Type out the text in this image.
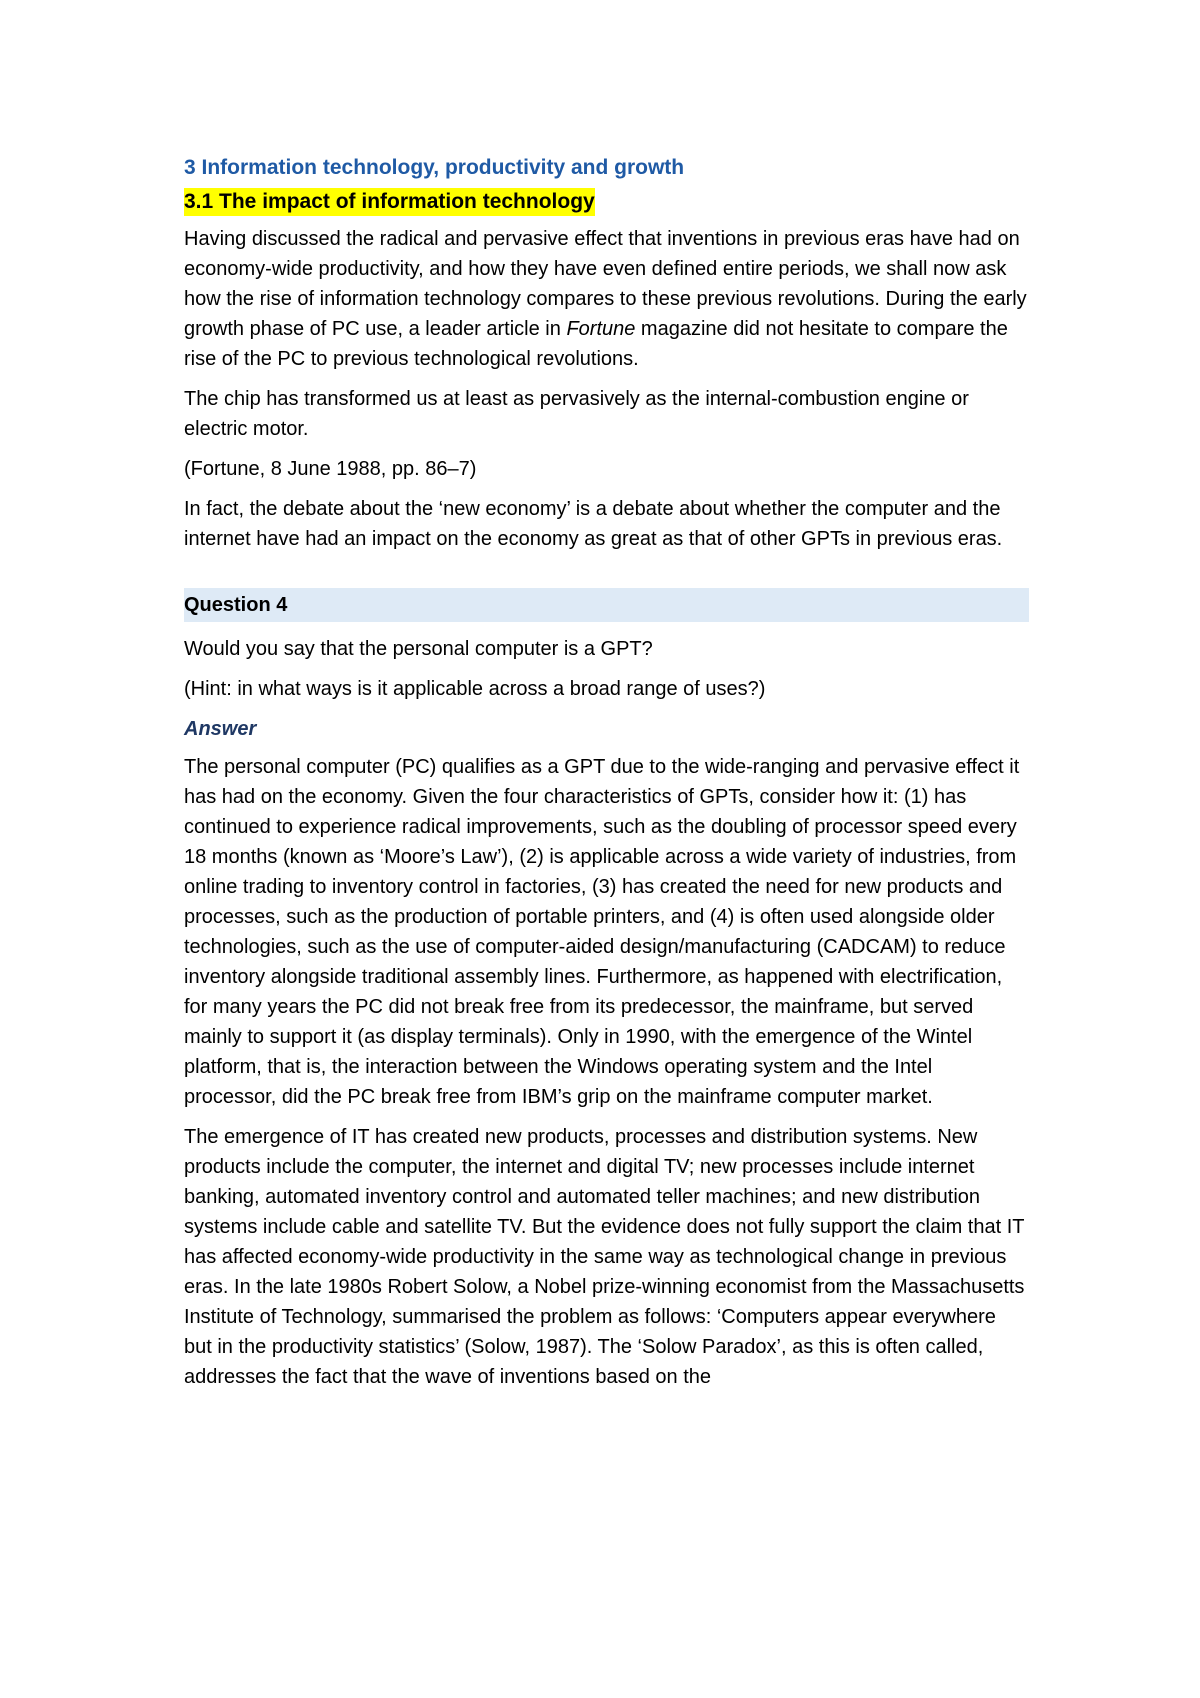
3 Information technology, productivity and growth
3.1 The impact of information technology

Having discussed the radical and pervasive effect that inventions in previous eras have had on economy-wide productivity, and how they have even defined entire periods, we shall now ask how the rise of information technology compares to these previous revolutions. During the early growth phase of PC use, a leader article in Fortune magazine did not hesitate to compare the rise of the PC to previous technological revolutions.

The chip has transformed us at least as pervasively as the internal-combustion engine or electric motor.

(Fortune, 8 June 1988, pp. 86–7)

In fact, the debate about the ‘new economy’ is a debate about whether the computer and the internet have had an impact on the economy as great as that of other GPTs in previous eras.

Question 4

Would you say that the personal computer is a GPT?

(Hint: in what ways is it applicable across a broad range of uses?)

Answer

The personal computer (PC) qualifies as a GPT due to the wide-ranging and pervasive effect it has had on the economy. Given the four characteristics of GPTs, consider how it: (1) has continued to experience radical improvements, such as the doubling of processor speed every 18 months (known as ‘Moore’s Law’), (2) is applicable across a wide variety of industries, from online trading to inventory control in factories, (3) has created the need for new products and processes, such as the production of portable printers, and (4) is often used alongside older technologies, such as the use of computer-aided design/manufacturing (CADCAM) to reduce inventory alongside traditional assembly lines. Furthermore, as happened with electrification, for many years the PC did not break free from its predecessor, the mainframe, but served mainly to support it (as display terminals). Only in 1990, with the emergence of the Wintel platform, that is, the interaction between the Windows operating system and the Intel processor, did the PC break free from IBM’s grip on the mainframe computer market.

The emergence of IT has created new products, processes and distribution systems. New products include the computer, the internet and digital TV; new processes include internet banking, automated inventory control and automated teller machines; and new distribution systems include cable and satellite TV. But the evidence does not fully support the claim that IT has affected economy-wide productivity in the same way as technological change in previous eras. In the late 1980s Robert Solow, a Nobel prize-winning economist from the Massachusetts Institute of Technology, summarised the problem as follows: ‘Computers appear everywhere but in the productivity statistics’ (Solow, 1987). The ‘Solow Paradox’, as this is often called, addresses the fact that the wave of inventions based on the
